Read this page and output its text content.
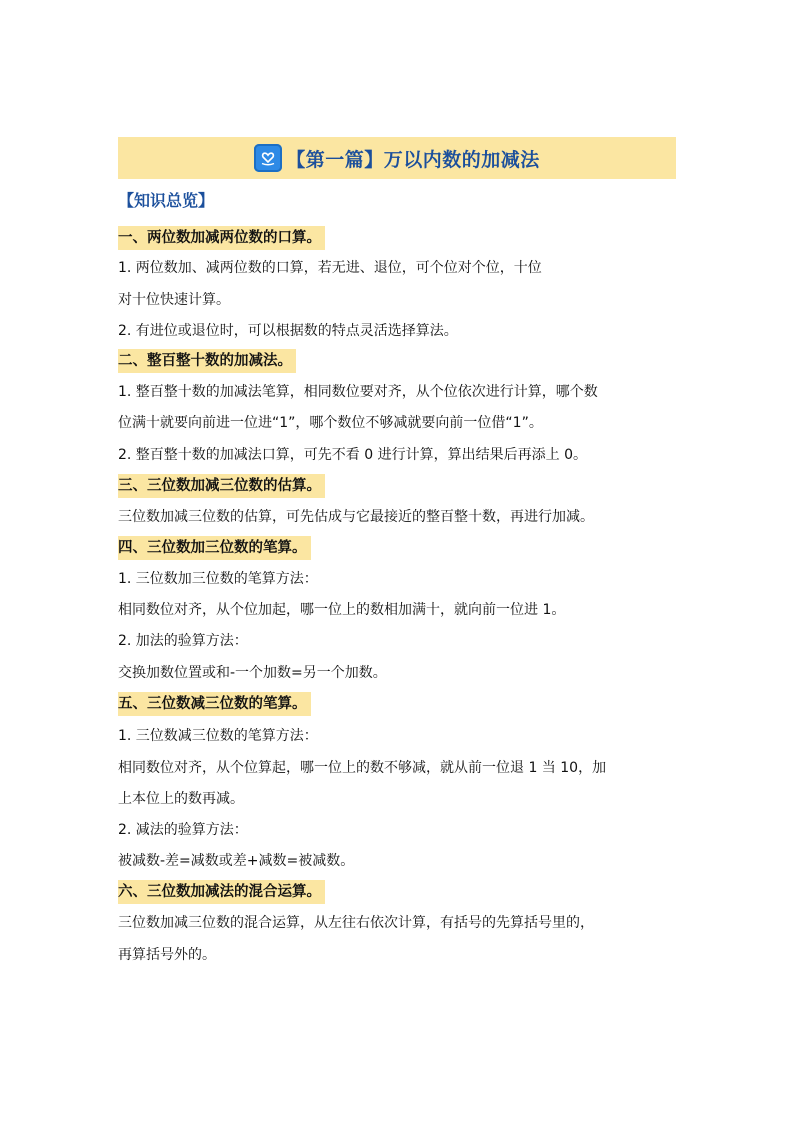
【第一篇】万以内数的加减法
【知识总览】
一、两位数加减两位数的口算。
1. 两位数加、减两位数的口算，若无进、退位，可个位对个位，十位
对十位快速计算。
2. 有进位或退位时，可以根据数的特点灵活选择算法。
二、整百整十数的加减法。
1. 整百整十数的加减法笔算，相同数位要对齐，从个位依次进行计算，哪个数
位满十就要向前进一位进“1”，哪个数位不够减就要向前一位借“1”。
2. 整百整十数的加减法口算，可先不看 0 进行计算，算出结果后再添上 0。
三、三位数加减三位数的估算。
三位数加减三位数的估算，可先估成与它最接近的整百整十数，再进行加减。
四、三位数加三位数的笔算。
1. 三位数加三位数的笔算方法：
相同数位对齐，从个位加起，哪一位上的数相加满十，就向前一位进 1。
2. 加法的验算方法：
交换加数位置或和-一个加数=另一个加数。
五、三位数减三位数的笔算。
1. 三位数减三位数的笔算方法：
相同数位对齐，从个位算起，哪一位上的数不够减，就从前一位退 1 当 10，加
上本位上的数再减。
2. 减法的验算方法：
被减数-差=减数或差+减数=被减数。
六、三位数加减法的混合运算。
三位数加减三位数的混合运算，从左往右依次计算，有括号的先算括号里的，
再算括号外的。
